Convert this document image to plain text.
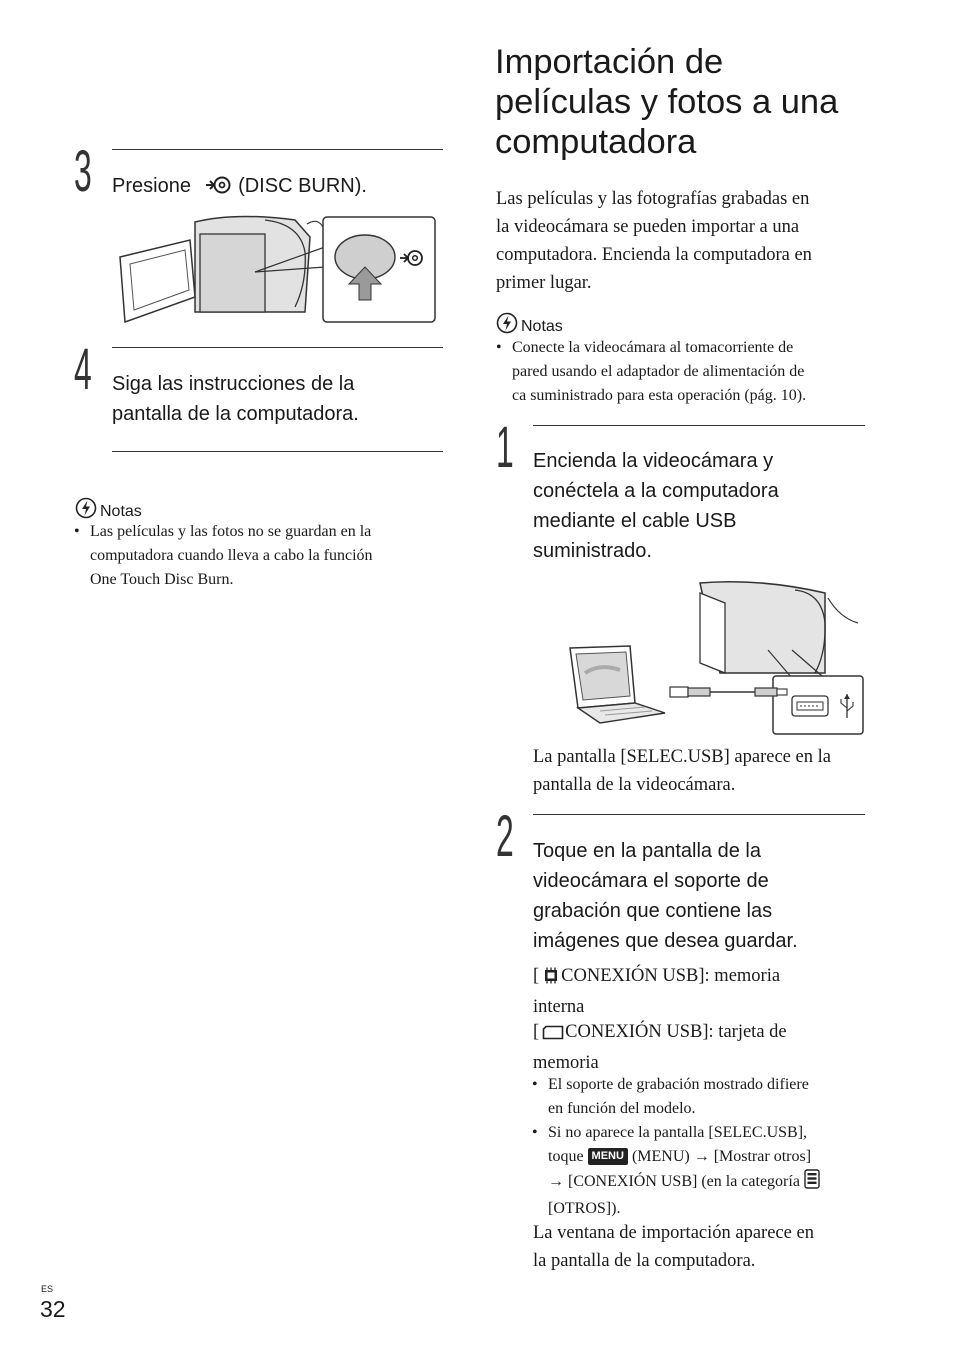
3 Presione (DISC BURN).
4 Siga las instrucciones de la
pantalla de la computadora.
Notas
• Las películas y las fotos no se guardan en la
computadora cuando lleva a cabo la función
One Touch Disc Burn.
ES
32
Importación de
películas y fotos a una
computadora
Las películas y las fotografías grabadas en
la videocámara se pueden importar a una
computadora. Encienda la computadora en
primer lugar.
Notas
• Conecte la videocámara al tomacorriente de
pared usando el adaptador de alimentación de
ca suministrado para esta operación (pág. 10).
1 Encienda la videocámara y
conéctela a la computadora
mediante el cable USB
suministrado.
La pantalla [SELEC.USB] aparece en la
pantalla de la videocámara.
2 Toque en la pantalla de la
videocámara el soporte de
grabación que contiene las
imágenes que desea guardar.
[ CONEXIÓN USB]: memoria
interna
[ CONEXIÓN USB]: tarjeta de
memoria
• El soporte de grabación mostrado difiere
en función del modelo.
• Si no aparece la pantalla [SELEC.USB],
toque MENU (MENU) → [Mostrar otros]
→ [CONEXIÓN USB] (en la categoría
[OTROS]).
La ventana de importación aparece en
la pantalla de la computadora.
